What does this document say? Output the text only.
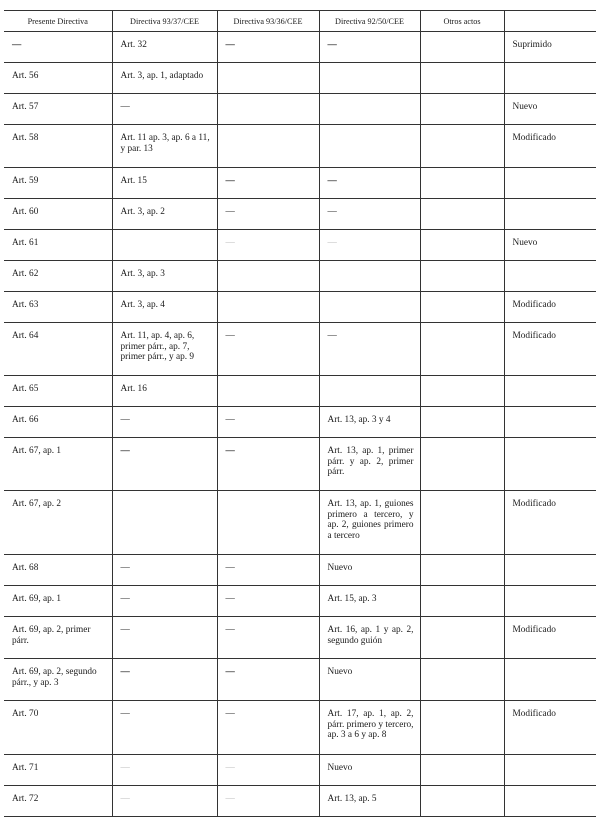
Presente Directiva	Directiva 93/37/CEE	Directiva 93/36/CEE	Directiva 92/50/CEE	Otros actos	
—	Art. 32	—	—		Suprimido
Art. 56	Art. 3, ap. 1, adaptado				
Art. 57	—				Nuevo
Art. 58	Art. 11 ap. 3, ap. 6 a 11, y par. 13				Modificado
Art. 59	Art. 15	—	—		
Art. 60	Art. 3, ap. 2	—	—		
Art. 61		—	—		Nuevo
Art. 62	Art. 3, ap. 3				
Art. 63	Art. 3, ap. 4				Modificado
Art. 64	Art. 11, ap. 4, ap. 6, primer párr., ap. 7, primer párr., y ap. 9	—	—		Modificado
Art. 65	Art. 16				
Art. 66	—	—	Art. 13, ap. 3 y 4		
Art. 67, ap. 1	—	—	Art. 13, ap. 1, primer párr. y ap. 2, primer párr.		
Art. 67, ap. 2			Art. 13, ap. 1, guiones primero a tercero, y ap. 2, guiones primero a tercero		Modificado
Art. 68	—	—	Nuevo		
Art. 69, ap. 1	—	—	Art. 15, ap. 3		
Art. 69, ap. 2, primer párr.	—	—	Art. 16, ap. 1 y ap. 2, segundo guión		Modificado
Art. 69, ap. 2, segundo párr., y ap. 3	—	—	Nuevo		
Art. 70	—	—	Art. 17, ap. 1, ap. 2, párr. primero y tercero, ap. 3 a 6 y ap. 8		Modificado
Art. 71	—	—	Nuevo		
Art. 72	—	—	Art. 13, ap. 5		
